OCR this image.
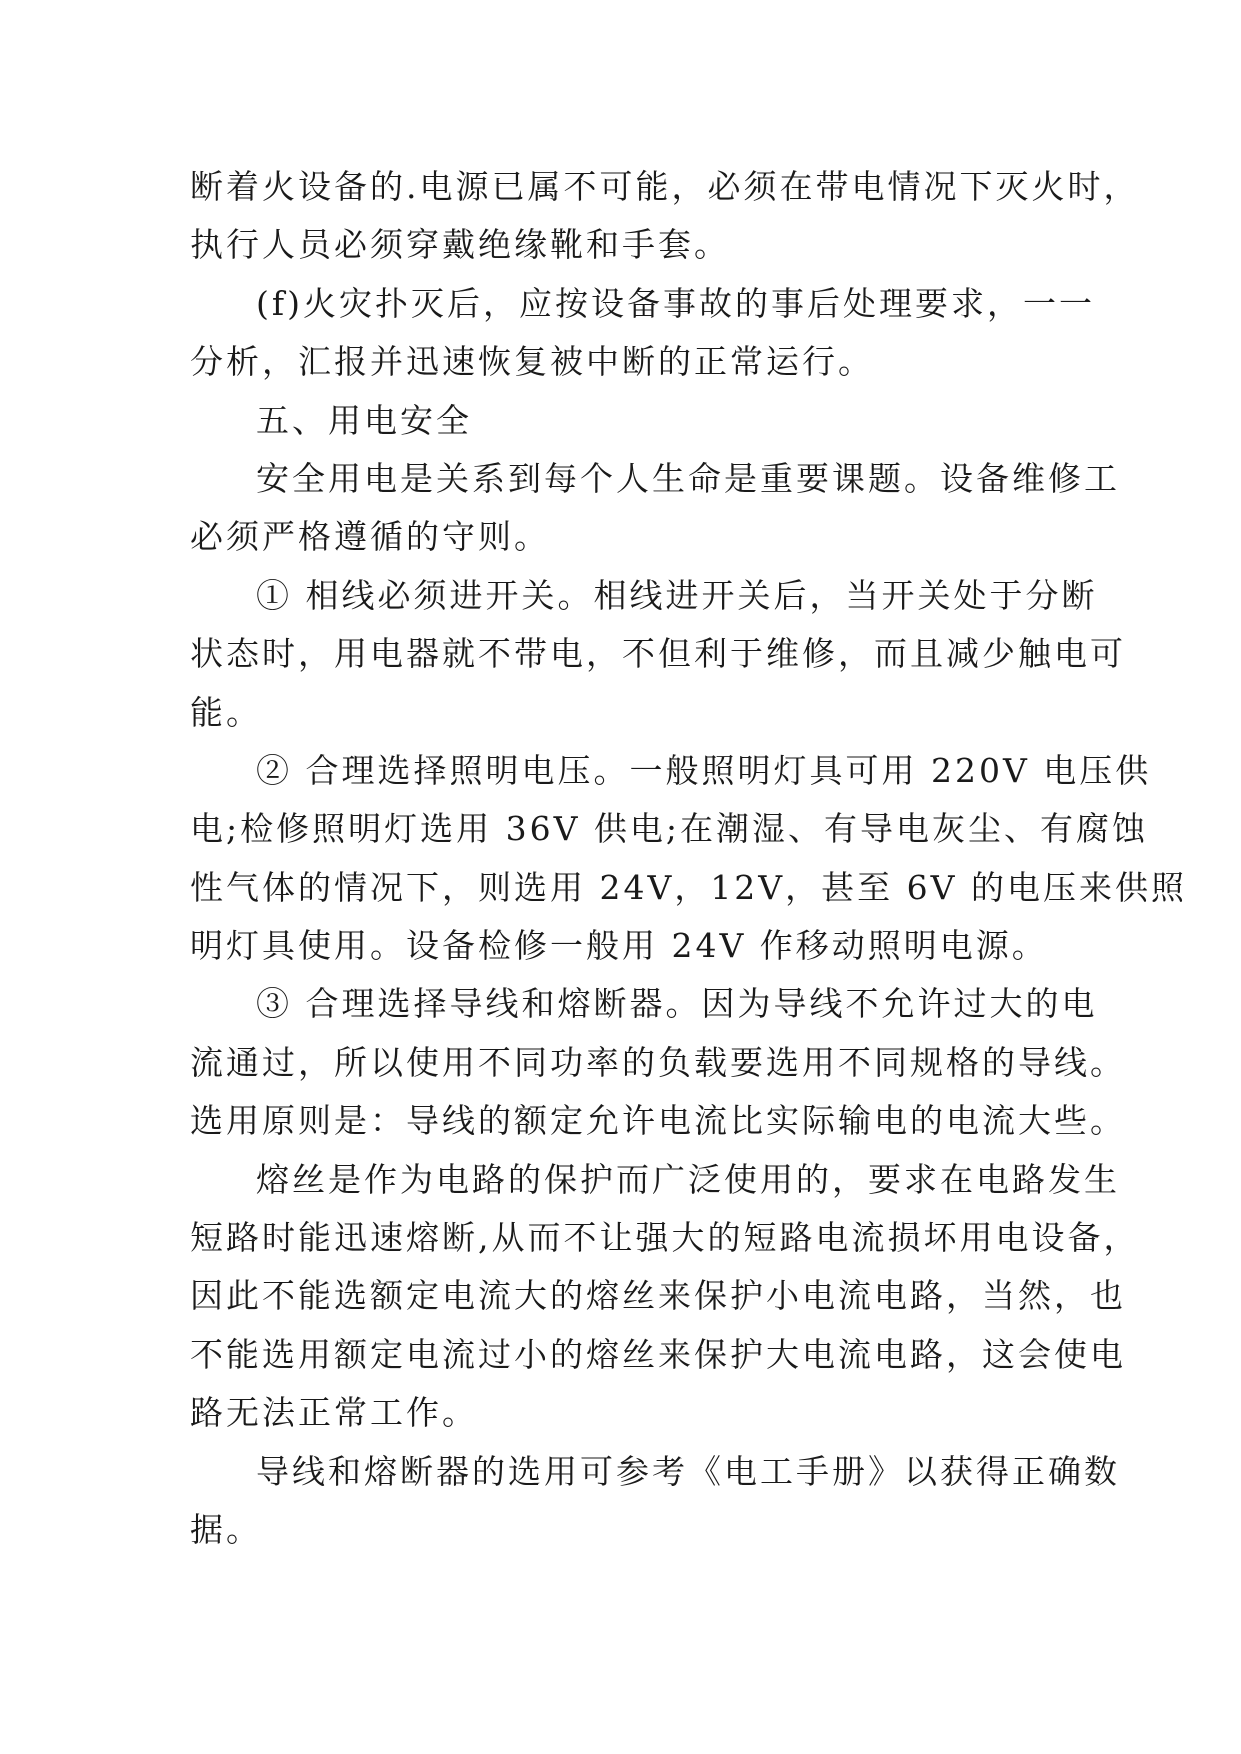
断着火设备的.电源已属不可能，必须在带电情况下灭火时，
执行人员必须穿戴绝缘靴和手套。
(f)火灾扑灭后，应按设备事故的事后处理要求，一一
分析，汇报并迅速恢复被中断的正常运行。
五、用电安全
安全用电是关系到每个人生命是重要课题。设备维修工
必须严格遵循的守则。
① 相线必须进开关。相线进开关后，当开关处于分断
状态时，用电器就不带电，不但利于维修，而且减少触电可
能。
② 合理选择照明电压。一般照明灯具可用 220V 电压供
电;检修照明灯选用 36V 供电;在潮湿、有导电灰尘、有腐蚀
性气体的情况下，则选用 24V，12V，甚至 6V 的电压来供照
明灯具使用。设备检修一般用 24V 作移动照明电源。
③ 合理选择导线和熔断器。因为导线不允许过大的电
流通过，所以使用不同功率的负载要选用不同规格的导线。
选用原则是：导线的额定允许电流比实际输电的电流大些。
熔丝是作为电路的保护而广泛使用的，要求在电路发生
短路时能迅速熔断,从而不让强大的短路电流损坏用电设备，
因此不能选额定电流大的熔丝来保护小电流电路，当然，也
不能选用额定电流过小的熔丝来保护大电流电路，这会使电
路无法正常工作。
导线和熔断器的选用可参考《电工手册》以获得正确数
据。
